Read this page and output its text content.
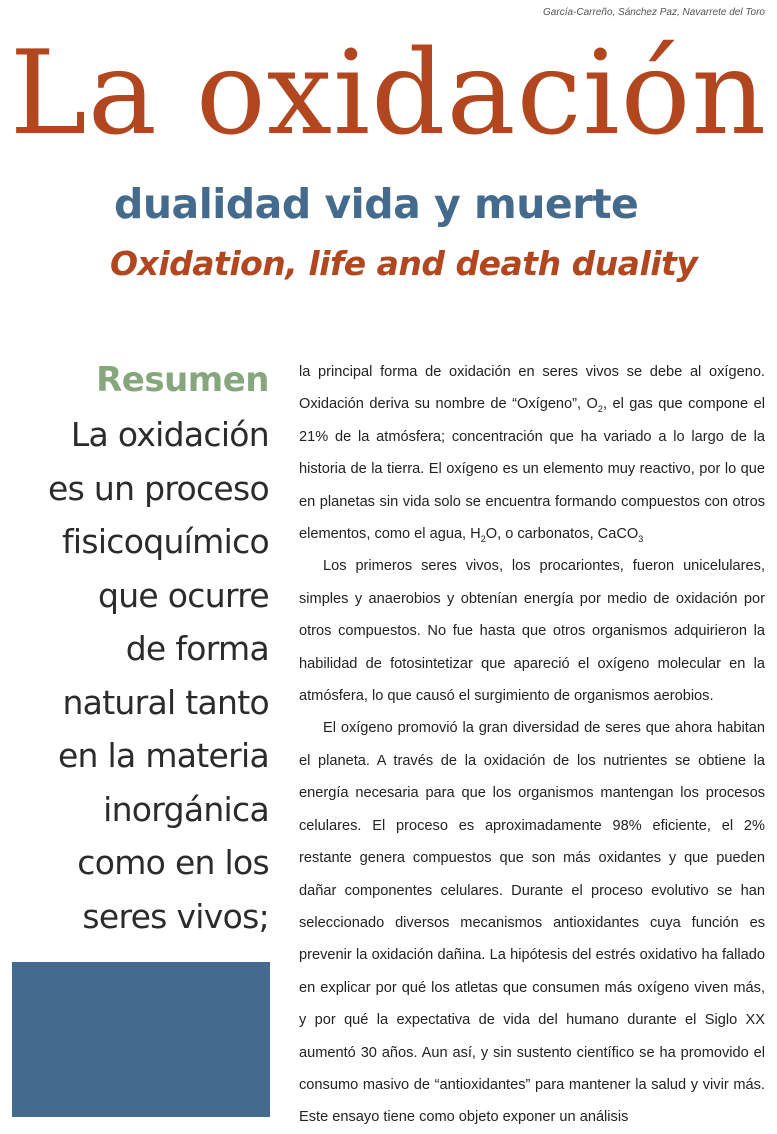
García-Carreño, Sánchez Paz, Navarrete del Toro
La oxidación
dualidad vida y muerte
Oxidation, life and death duality
Resumen
La oxidación
es un proceso
fisicoquímico
que ocurre
de forma
natural tanto
en la materia
inorgánica
como en los
seres vivos;

la principal forma de oxidación en seres vivos se debe al oxígeno. Oxidación deriva su nombre de “Oxígeno”, $O_2$, el gas que compone el 21% de la atmósfera; concentración que ha variado a lo largo de la historia de la tierra. El oxígeno es un elemento muy reactivo, por lo que en planetas sin vida solo se encuentra formando compuestos con otros elementos, como el agua, $H_2O$, o carbonatos, CaCO$_3$

Los primeros seres vivos, los procariontes, fueron unicelulares, simples y anaerobios y obtenían energía por medio de oxidación por otros compuestos. No fue hasta que otros organismos adquirieron la habilidad de fotosintetizar que apareció el oxígeno molecular en la atmósfera, lo que causó el surgimiento de organismos aerobios.

El oxígeno promovió la gran diversidad de seres que ahora habitan el planeta. A través de la oxidación de los nutrientes se obtiene la energía necesaria para que los organismos mantengan los procesos celulares. El proceso es aproximadamente 98% eficiente, el 2% restante genera compuestos que son más oxidantes y que pueden dañar componentes celulares. Durante el proceso evolutivo se han seleccionado diversos mecanismos antioxidantes cuya función es prevenir la oxidación dañina. La hipótesis del estrés oxidativo ha fallado en explicar por qué los atletas que consumen más oxígeno viven más, y por qué la expectativa de vida del humano durante el Siglo XX aumentó 30 años. Aun así, y sin sustento científico se ha promovido el consumo masivo de “antioxidantes” para mantener la salud y vivir más. Este ensayo tiene como objeto exponer un análisis
